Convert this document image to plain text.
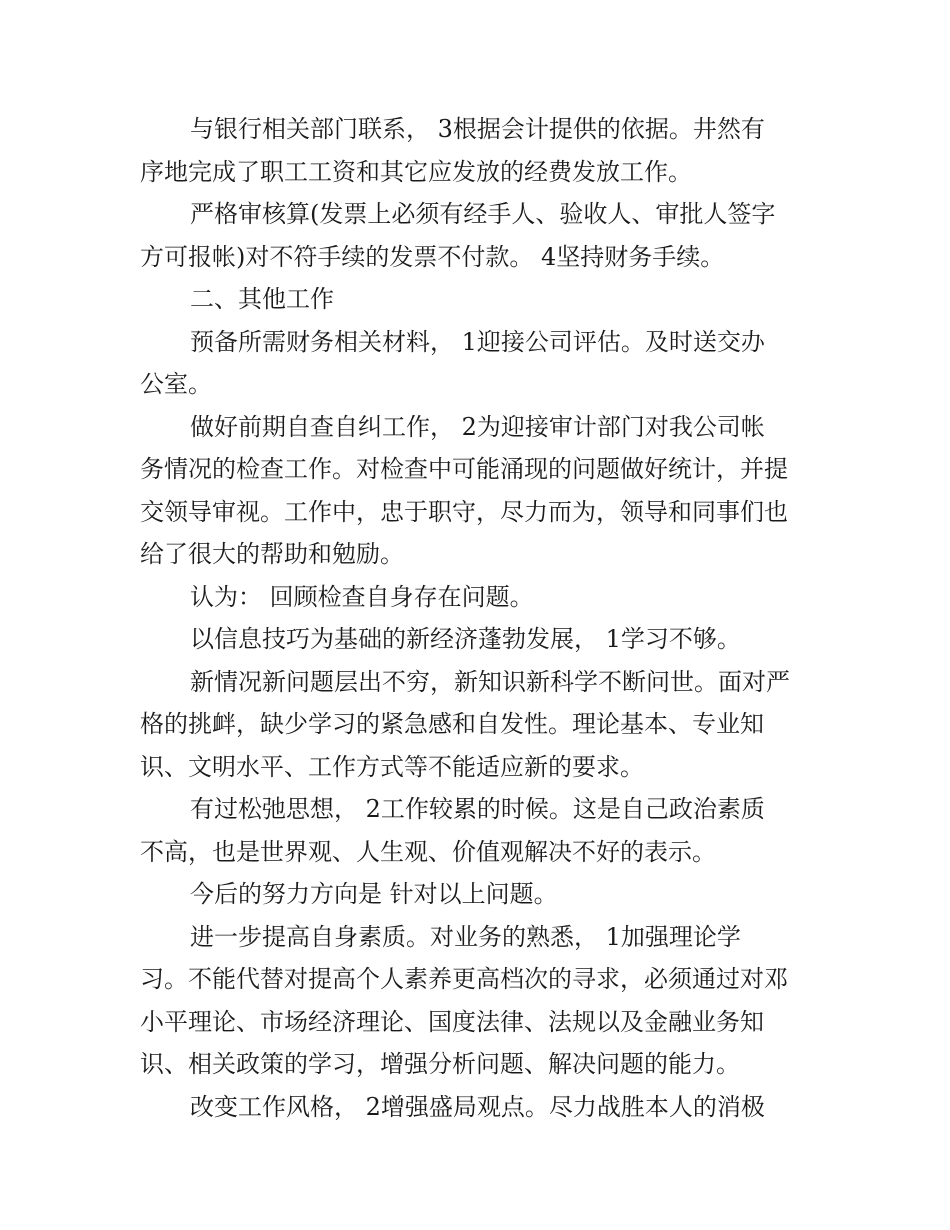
与银行相关部门联系， 3根据会计提供的依据。井然有
序地完成了职工工资和其它应发放的经费发放工作。
严格审核算(发票上必须有经手人、验收人、审批人签字
方可报帐)对不符手续的发票不付款。 4坚持财务手续。
二、其他工作
预备所需财务相关材料， 1迎接公司评估。及时送交办
公室。
做好前期自查自纠工作， 2为迎接审计部门对我公司帐
务情况的检查工作。对检查中可能涌现的问题做好统计，并提
交领导审视。工作中，忠于职守，尽力而为，领导和同事们也
给了很大的帮助和勉励。
认为： 回顾检查自身存在问题。
以信息技巧为基础的新经济蓬勃发展， 1学习不够。
新情况新问题层出不穷，新知识新科学不断问世。面对严
格的挑衅，缺少学习的紧急感和自发性。理论基本、专业知
识、文明水平、工作方式等不能适应新的要求。
有过松弛思想， 2工作较累的时候。这是自己政治素质
不高，也是世界观、人生观、价值观解决不好的表示。
今后的努力方向是 针对以上问题。
进一步提高自身素质。对业务的熟悉， 1加强理论学
习。不能代替对提高个人素养更高档次的寻求，必须通过对邓
小平理论、市场经济理论、国度法律、法规以及金融业务知
识、相关政策的学习，增强分析问题、解决问题的能力。
改变工作风格， 2增强盛局观点。尽力战胜本人的消极
